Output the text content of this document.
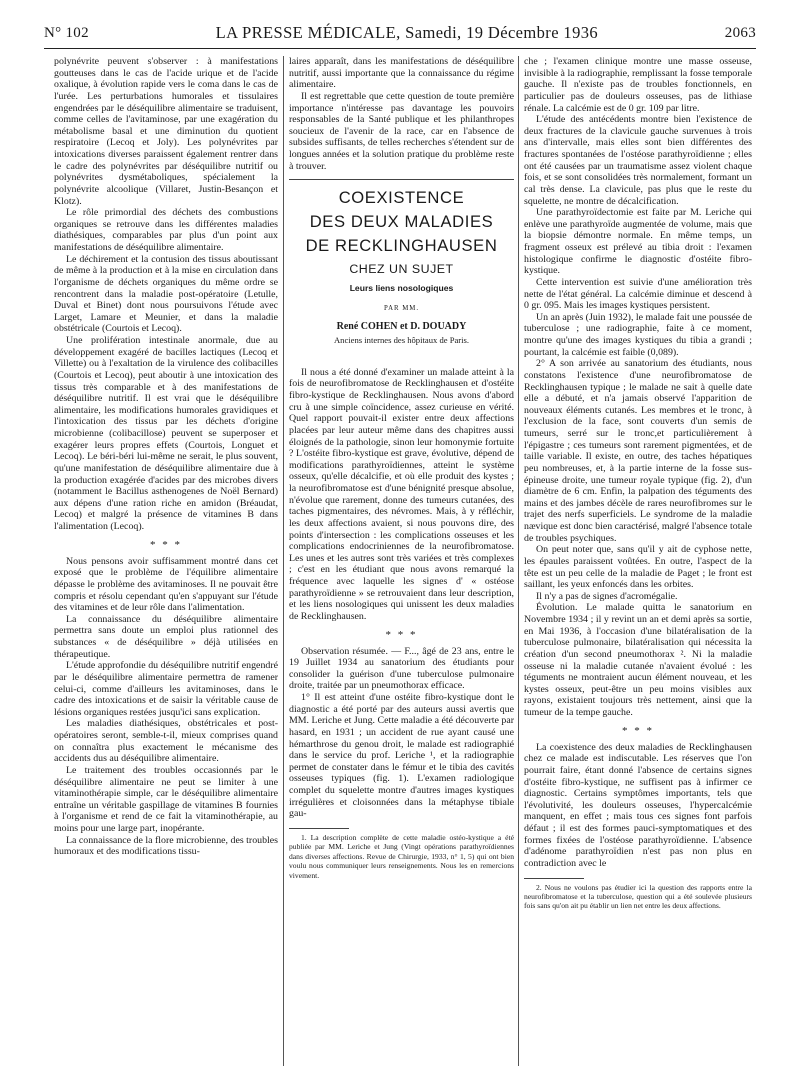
N° 102	LA PRESSE MÉDICALE, Samedi, 19 Décembre 1936	2063

polynévrite peuvent s'observer : à manifestations goutteuses dans le cas de l'acide urique et de l'acide oxalique, à évolution rapide vers le coma dans le cas de l'urée. Les perturbations humorales et tissulaires engendrées par le déséquilibre alimentaire se traduisent, comme celles de l'avitaminose, par une exagération du métabolisme basal et une diminution du quotient respiratoire (Lecoq et Joly). Les polynévrites par intoxications diverses paraissent également rentrer dans le cadre des polynévrites par déséquilibre nutritif ou polynévrites dysmétaboliques, spécialement la polynévrite alcoolique (Villaret, Justin-Besançon et Klotz).

Le rôle primordial des déchets des combustions organiques se retrouve dans les différentes maladies diathésiques, comparables par plus d'un point aux manifestations de déséquilibre alimentaire.

Le déchirement et la contusion des tissus aboutissant de même à la production et à la mise en circulation dans l'organisme de déchets organiques du même ordre se rencontrent dans la maladie post-opératoire (Letulle, Duval et Binet) dont nous poursuivons l'étude avec Larget, Lamare et Meunier, et dans la maladie obstétricale (Courtois et Lecoq).

Une prolifération intestinale anormale, due au développement exagéré de bacilles lactiques (Lecoq et Villette) ou à l'exaltation de la virulence des colibacilles (Courtois et Lecoq), peut aboutir à une intoxication des tissus très comparable et à des manifestations de déséquilibre nutritif. Il est vrai que le déséquilibre alimentaire, les modifications humorales gravidiques et l'intoxication des tissus par les déchets d'origine microbienne (colibacillose) peuvent se superposer et exagérer leurs propres effets (Courtois, Longuet et Lecoq). Le béri-béri lui-même ne serait, le plus souvent, qu'une manifestation de déséquilibre alimentaire due à la production exagérée d'acides par des microbes divers (notamment le Bacillus asthenogenes de Noël Bernard) aux dépens d'une ration riche en amidon (Bréaudat, Lecoq) et malgré la présence de vitamines B dans l'alimentation (Lecoq).

* * *

Nous pensons avoir suffisamment montré dans cet exposé que le problème de l'équilibre alimentaire dépasse le problème des avitaminoses. Il ne pouvait être compris et résolu cependant qu'en s'appuyant sur l'étude des vitamines et de leur rôle dans l'alimentation.

La connaissance du déséquilibre alimentaire permettra sans doute un emploi plus rationnel des substances « de déséquilibre » déjà utilisées en thérapeutique.

L'étude approfondie du déséquilibre nutritif engendré par le déséquilibre alimentaire permettra de ramener celui-ci, comme d'ailleurs les avitaminoses, dans le cadre des intoxications et de saisir la véritable cause de lésions organiques restées jusqu'ici sans explication.

Les maladies diathésiques, obstétricales et post-opératoires seront, semble-t-il, mieux comprises quand on connaîtra plus exactement le mécanisme des accidents dus au déséquilibre alimentaire.

Le traitement des troubles occasionnés par le déséquilibre alimentaire ne peut se limiter à une vitaminothérapie simple, car le déséquilibre alimentaire entraîne un véritable gaspillage de vitamines B fournies à l'organisme et rend de ce fait la vitaminothérapie, au moins pour une large part, inopérante.

La connaissance de la flore microbienne, des troubles humoraux et des modifications tissu-

laires apparaît, dans les manifestations de déséquilibre nutritif, aussi importante que la connaissance du régime alimentaire.

Il est regrettable que cette question de toute première importance n'intéresse pas davantage les pouvoirs responsables de la Santé publique et les philanthropes soucieux de l'avenir de la race, car en l'absence de subsides suffisants, de telles recherches s'étendent sur de longues années et la solution pratique du problème reste à trouver.

COEXISTENCE
DES DEUX MALADIES
DE RECKLINGHAUSEN
CHEZ UN SUJET
Leurs liens nosologiques
PAR MM.
René COHEN et D. DOUADY
Anciens internes des hôpitaux de Paris.

Il nous a été donné d'examiner un malade atteint à la fois de neurofibromatose de Recklinghausen et d'ostéite fibro-kystique de Recklinghausen. Nous avons d'abord cru à une simple coïncidence, assez curieuse en vérité. Quel rapport pouvait-il exister entre deux affections placées par leur auteur même dans des chapitres aussi éloignés de la pathologie, sinon leur homonymie fortuite ? L'ostéite fibro-kystique est grave, évolutive, dépend de modifications parathyroïdiennes, atteint le système osseux, qu'elle décalcifie, et où elle produit des kystes ; la neurofibromatose est d'une bénignité presque absolue, n'évolue que rarement, donne des tumeurs cutanées, des taches pigmentaires, des névromes. Mais, à y réfléchir, les deux affections avaient, si nous pouvons dire, des points d'intersection : les complications osseuses et les complications endocriniennes de la neurofibromatose. Les unes et les autres sont très variées et très complexes ; c'est en les étudiant que nous avons remarqué la fréquence avec laquelle les signes d' « ostéose parathyroïdienne » se retrouvaient dans leur description, et les liens nosologiques qui unissent les deux maladies de Recklinghausen.

* * *

Observation résumée. — F..., âgé de 23 ans, entre le 19 Juillet 1934 au sanatorium des étudiants pour consolider la guérison d'une tuberculose pulmonaire droite, traitée par un pneumothorax efficace.

1° Il est atteint d'une ostéite fibro-kystique dont le diagnostic a été porté par des auteurs aussi avertis que MM. Leriche et Jung. Cette maladie a été découverte par hasard, en 1931 ; un accident de rue ayant causé une hémarthrose du genou droit, le malade est radiographié dans le service du prof. Leriche ¹, et la radiographie permet de constater dans le fémur et le tibia des cavités osseuses typiques (fig. 1). L'examen radiologique complet du squelette montre d'autres images kystiques irrégulières et cloisonnées dans la métaphyse tibiale gau-

1. La description complète de cette maladie ostéo-kystique a été publiée par MM. Leriche et Jung (Vingt opérations parathyroïdiennes dans diverses affections. Revue de Chirurgie, 1933, n° 1, 5) qui ont bien voulu nous communiquer leurs renseignements. Nous les en remercions vivement.

che ; l'examen clinique montre une masse osseuse, invisible à la radiographie, remplissant la fosse temporale gauche. Il n'existe pas de troubles fonctionnels, en particulier pas de douleurs osseuses, pas de lithiase rénale. La calcémie est de 0 gr. 109 par litre.

L'étude des antécédents montre bien l'existence de deux fractures de la clavicule gauche survenues à trois ans d'intervalle, mais elles sont bien différentes des fractures spontanées de l'ostéose parathyroïdienne ; elles ont été causées par un traumatisme assez violent chaque fois, et se sont consolidées très normalement, formant un cal très dense. La clavicule, pas plus que le reste du squelette, ne montre de décalcification.

Une parathyroïdectomie est faite par M. Leriche qui enlève une parathyroïde augmentée de volume, mais que la biopsie démontre normale. En même temps, un fragment osseux est prélevé au tibia droit : l'examen histologique confirme le diagnostic d'ostéite fibro-kystique.

Cette intervention est suivie d'une amélioration très nette de l'état général. La calcémie diminue et descend à 0 gr. 095. Mais les images kystiques persistent.

Un an après (Juin 1932), le malade fait une poussée de tuberculose ; une radiographie, faite à ce moment, montre qu'une des images kystiques du tibia a grandi ; pourtant, la calcémie est faible (0,089).

2° A son arrivée au sanatorium des étudiants, nous constatons l'existence d'une neurofibromatose de Recklinghausen typique ; le malade ne sait à quelle date elle a débuté, et n'a jamais observé l'apparition de nouveaux éléments cutanés. Les membres et le tronc, à l'exclusion de la face, sont couverts d'un semis de tumeurs, serré sur le tronc,et particulièrement à l'épigastre ; ces tumeurs sont rarement pigmentées, et de taille variable. Il existe, en outre, des taches hépatiques peu nombreuses, et, à la partie interne de la fosse sus-épineuse droite, une tumeur royale typique (fig. 2), d'un diamètre de 6 cm. Enfin, la palpation des téguments des mains et des jambes décèle de rares neurofibromes sur le trajet des nerfs superficiels. Le syndrome de la maladie nævique est donc bien caractérisé, malgré l'absence totale de troubles psychiques.

On peut noter que, sans qu'il y ait de cyphose nette, les épaules paraissent voûtées. En outre, l'aspect de la tête est un peu celle de la maladie de Paget ; le front est saillant, les yeux enfoncés dans les orbites.

Il n'y a pas de signes d'acromégalie.

Évolution. Le malade quitta le sanatorium en Novembre 1934 ; il y revint un an et demi après sa sortie, en Mai 1936, à l'occasion d'une bilatéralisation de la tuberculose pulmonaire, bilatéralisation qui nécessita la création d'un second pneumothorax ². Ni la maladie osseuse ni la maladie cutanée n'avaient évolué : les téguments ne montraient aucun élément nouveau, et les kystes osseux, peut-être un peu moins visibles aux rayons, existaient toujours très nettement, ainsi que la tumeur de la tempe gauche.

* * *

La coexistence des deux maladies de Recklinghausen chez ce malade est indiscutable. Les réserves que l'on pourrait faire, étant donné l'absence de certains signes d'ostéite fibro-kystique, ne suffisent pas à infirmer ce diagnostic. Certains symptômes importants, tels que l'évolutivité, les douleurs osseuses, l'hypercalcémie manquent, en effet ; mais tous ces signes font parfois défaut ; il est des formes pauci-symptomatiques et des formes fixées de l'ostéose parathyroïdienne. L'absence d'adénome parathyroïdien n'est pas non plus en contradiction avec le

2. Nous ne voulons pas étudier ici la question des rapports entre la neurofibromatose et la tuberculose, question qui a été soulevée plusieurs fois sans qu'on ait pu établir un lien net entre les deux affections.
